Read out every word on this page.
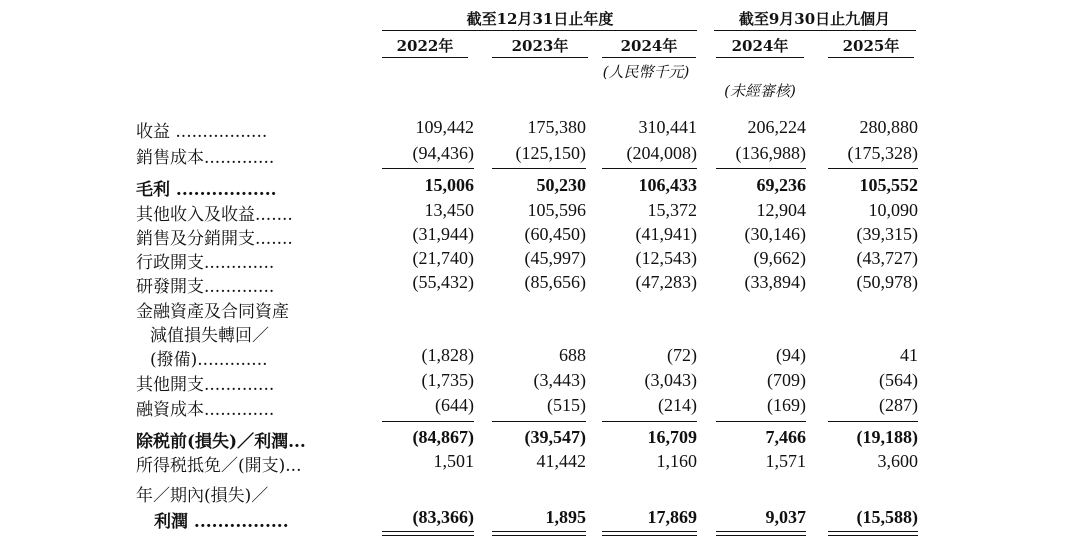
截至12月31日止年度	截至9月30日止九個月
2022年	2023年	2024年	2024年	2025年
(人民幣千元)
(未經審核)
收益 .................	109,442	175,380	310,441	206,224	280,880
銷售成本.............	(94,436)	(125,150)	(204,008)	(136,988)	(175,328)
毛利 .................	15,006	50,230	106,433	69,236	105,552
其他收入及收益.......	13,450	105,596	15,372	12,904	10,090
銷售及分銷開支.......	(31,944)	(60,450)	(41,941)	(30,146)	(39,315)
行政開支.............	(21,740)	(45,997)	(12,543)	(9,662)	(43,727)
研發開支.............	(55,432)	(85,656)	(47,283)	(33,894)	(50,978)
金融資產及合同資產
減值損失轉回／
(撥備).............	(1,828)	688	(72)	(94)	41
其他開支.............	(1,735)	(3,443)	(3,043)	(709)	(564)
融資成本.............	(644)	(515)	(214)	(169)	(287)
除税前(損失)／利潤...	(84,867)	(39,547)	16,709	7,466	(19,188)
所得税抵免／(開支)...	1,501	41,442	1,160	1,571	3,600
年／期內(損失)／
利潤 ................	(83,366)	1,895	17,869	9,037	(15,588)
